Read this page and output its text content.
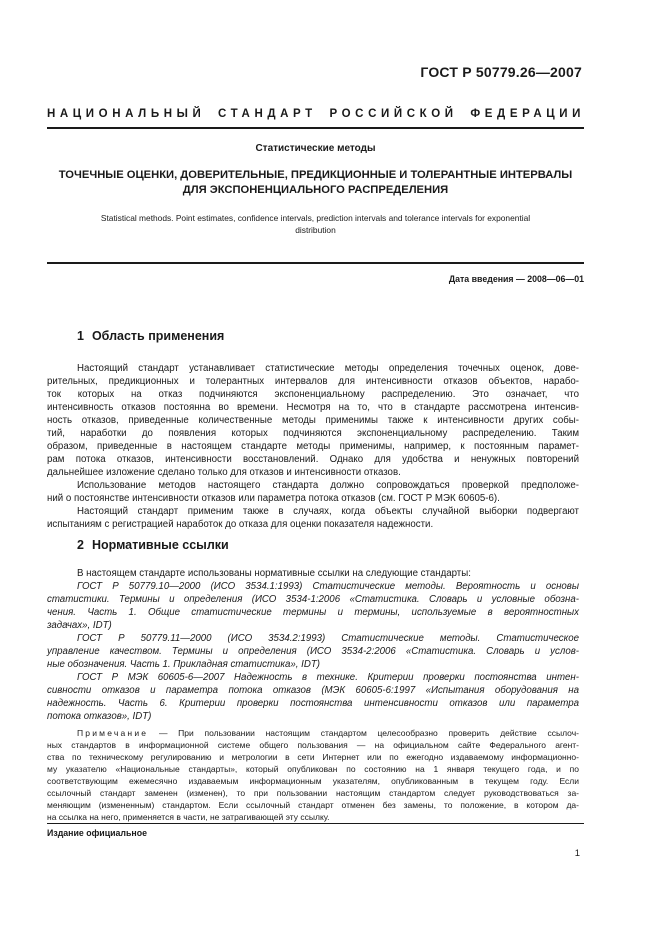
ГОСТ Р 50779.26—2007
НАЦИОНАЛЬНЫЙ СТАНДАРТ РОССИЙСКОЙ ФЕДЕРАЦИИ
Статистические методы
ТОЧЕЧНЫЕ ОЦЕНКИ, ДОВЕРИТЕЛЬНЫЕ, ПРЕДИКЦИОННЫЕ И ТОЛЕРАНТНЫЕ ИНТЕРВАЛЫ
ДЛЯ ЭКСПОНЕНЦИАЛЬНОГО РАСПРЕДЕЛЕНИЯ
Statistical methods. Point estimates, confidence intervals, prediction intervals and tolerance intervals for exponential
distribution
Дата введения — 2008—06—01
1 Область применения
Настоящий стандарт устанавливает статистические методы определения точечных оценок, дове-
рительных, предикционных и толерантных интервалов для интенсивности отказов объектов, нарабо-
ток которых на отказ подчиняются экспоненциальному распределению. Это означает, что
интенсивность отказов постоянна во времени. Несмотря на то, что в стандарте рассмотрена интенсив-
ность отказов, приведенные количественные методы применимы также к интенсивности других собы-
тий, наработки до появления которых подчиняются экспоненциальному распределению. Таким
образом, приведенные в настоящем стандарте методы применимы, например, к постоянным парамет-
рам потока отказов, интенсивности восстановлений. Однако для удобства и ненужных повторений
дальнейшее изложение сделано только для отказов и интенсивности отказов.
Использование методов настоящего стандарта должно сопровождаться проверкой предположе-
ний о постоянстве интенсивности отказов или параметра потока отказов (см. ГОСТ Р МЭК 60605-6).
Настоящий стандарт применим также в случаях, когда объекты случайной выборки подвергают
испытаниям с регистрацией наработок до отказа для оценки показателя надежности.
2 Нормативные ссылки
В настоящем стандарте использованы нормативные ссылки на следующие стандарты:
ГОСТ Р 50779.10—2000 (ИСО 3534.1:1993) Статистические методы. Вероятность и основы
статистики. Термины и определения (ИСО 3534-1:2006 «Статистика. Словарь и условные обозна-
чения. Часть 1. Общие статистические термины и термины, используемые в вероятностных
задачах», IDT)
ГОСТ Р 50779.11—2000 (ИСО 3534.2:1993) Статистические методы. Статистическое
управление качеством. Термины и определения (ИСО 3534-2:2006 «Статистика. Словарь и услов-
ные обозначения. Часть 1. Прикладная статистика», IDT)
ГОСТ Р МЭК 60605-6—2007 Надежность в технике. Критерии проверки постоянства интен-
сивности отказов и параметра потока отказов (МЭК 60605-6:1997 «Испытания оборудования на
надежность. Часть 6. Критерии проверки постоянства интенсивности отказов или параметра
потока отказов», IDT)
Примечание — При пользовании настоящим стандартом целесообразно проверить действие ссылоч-
ных стандартов в информационной системе общего пользования — на официальном сайте Федерального агент-
ства по техническому регулированию и метрологии в сети Интернет или по ежегодно издаваемому информационно-
му указателю «Национальные стандарты», который опубликован по состоянию на 1 января текущего года, и по
соответствующим ежемесячно издаваемым информационным указателям, опубликованным в текущем году. Если
ссылочный стандарт заменен (изменен), то при пользовании настоящим стандартом следует руководствоваться за-
меняющим (измененным) стандартом. Если ссылочный стандарт отменен без замены, то положение, в котором да-
на ссылка на него, применяется в части, не затрагивающей эту ссылку.
Издание официальное
1
